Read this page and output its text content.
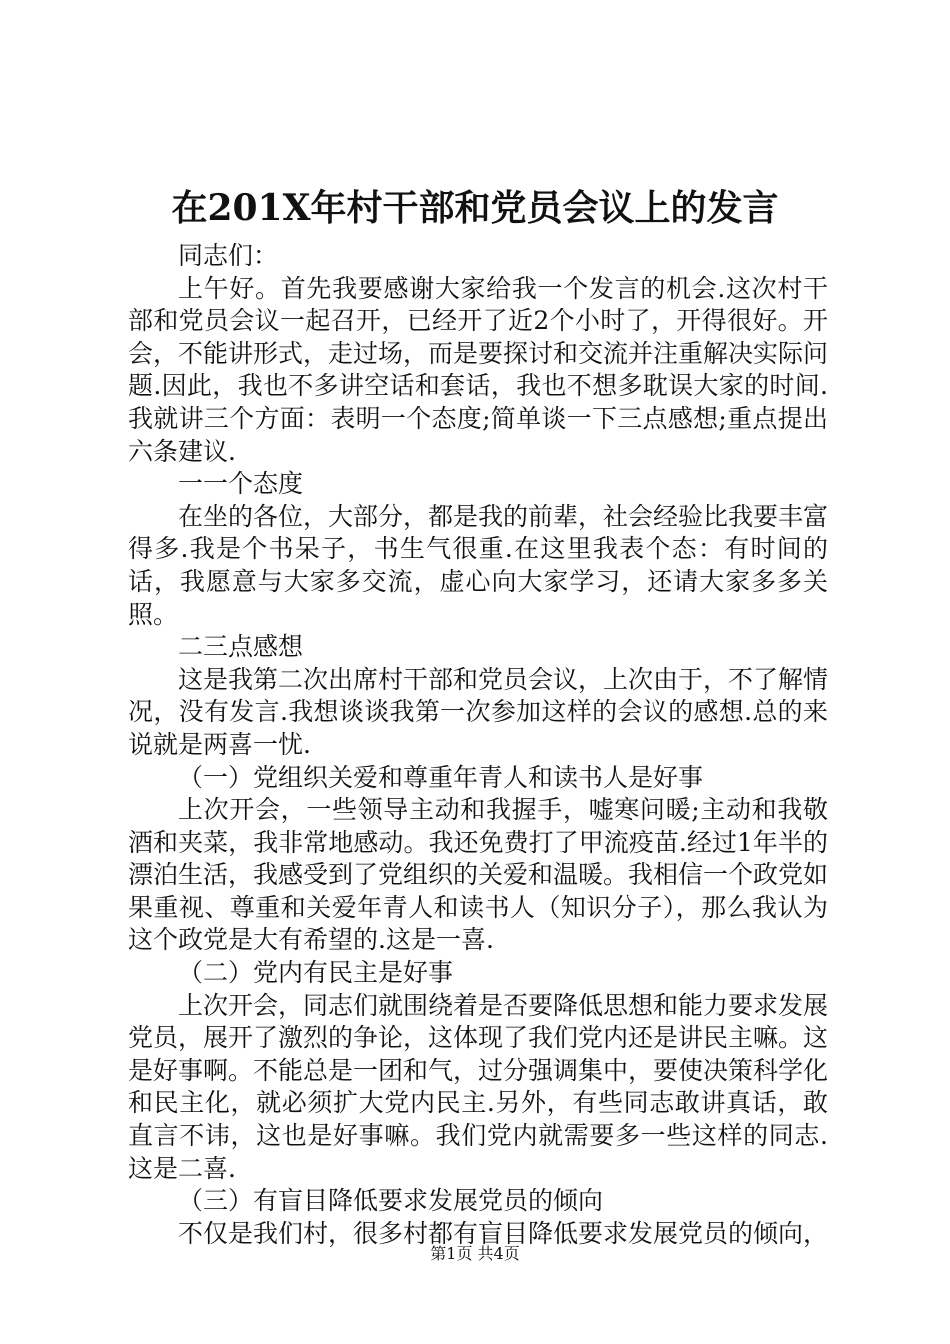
在201X年村干部和党员会议上的发言

同志们：

上午好。首先我要感谢大家给我一个发言的机会.这次村干部和党员会议一起召开，已经开了近2个小时了，开得很好。开会，不能讲形式，走过场，而是要探讨和交流并注重解决实际问题.因此，我也不多讲空话和套话，我也不想多耽误大家的时间.我就讲三个方面：表明一个态度;简单谈一下三点感想;重点提出六条建议.

一一个态度

在坐的各位，大部分，都是我的前辈，社会经验比我要丰富得多.我是个书呆子，书生气很重.在这里我表个态：有时间的话，我愿意与大家多交流，虚心向大家学习，还请大家多多关照。

二三点感想

这是我第二次出席村干部和党员会议，上次由于，不了解情况，没有发言.我想谈谈我第一次参加这样的会议的感想.总的来说就是两喜一忧.

（一）党组织关爱和尊重年青人和读书人是好事

上次开会，一些领导主动和我握手，嘘寒问暖;主动和我敬酒和夹菜，我非常地感动。我还免费打了甲流疫苗.经过1年半的漂泊生活，我感受到了党组织的关爱和温暖。我相信一个政党如果重视、尊重和关爱年青人和读书人（知识分子），那么我认为这个政党是大有希望的.这是一喜.

（二）党内有民主是好事

上次开会，同志们就围绕着是否要降低思想和能力要求发展党员，展开了激烈的争论，这体现了我们党内还是讲民主嘛。这是好事啊。不能总是一团和气，过分强调集中，要使决策科学化和民主化，就必须扩大党内民主.另外，有些同志敢讲真话，敢直言不讳，这也是好事嘛。我们党内就需要多一些这样的同志.这是二喜.

（三）有盲目降低要求发展党员的倾向

不仅是我们村，很多村都有盲目降低要求发展党员的倾向，

第1页 共4页
